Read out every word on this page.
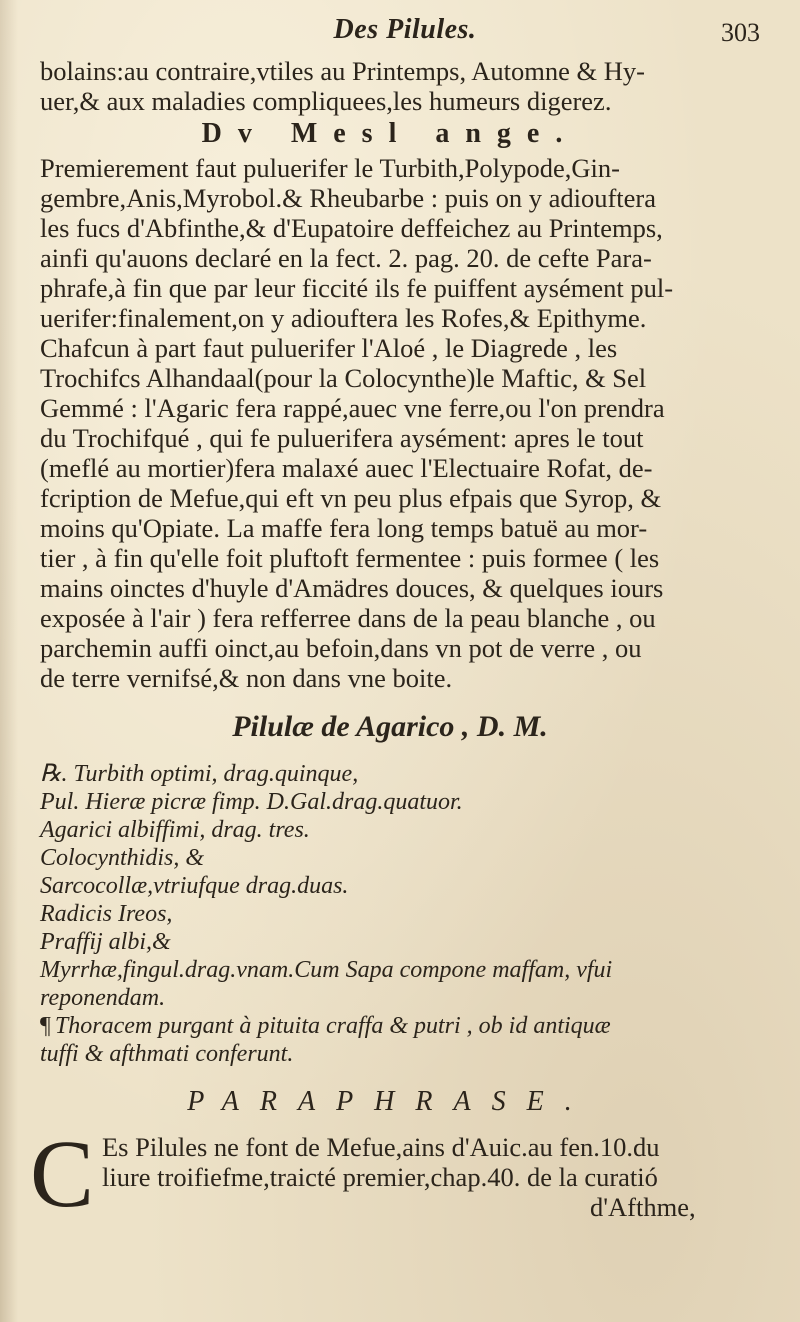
Des Pilules.	303
bolains:au contraire,vtiles au Printemps, Automne & Hy-
uer,& aux maladies compliquees,les humeurs digerez.
Dv Mesl ange.
Premierement faut puluerifer le Turbith,Polypode,Gin-
gembre,Anis,Myrobol.& Rheubarbe : puis on y adiouftera
les fucs d'Abfinthe,& d'Eupatoire deffeichez au Printemps,
ainfi qu'auons declaré en la fect. 2. pag. 20. de cefte Para-
phrafe,à fin que par leur ficcité ils fe puiffent aysément pul-
uerifer:finalement,on y adiouftera les Rofes,& Epithyme.
Chafcun à part faut puluerifer l'Aloé , le Diagrede , les
Trochifcs Alhandaal(pour la Colocynthe)le Maftic, & Sel
Gemmé : l'Agaric fera rappé,auec vne ferre,ou l'on prendra
du Trochifqué , qui fe puluerifera aysément: apres le tout
(meflé au mortier)fera malaxé auec l'Electuaire Rofat, de-
fcription de Mefue,qui eft vn peu plus efpais que Syrop, &
moins qu'Opiate. La maffe fera long temps batuë au mor-
tier , à fin qu'elle foit pluftoft fermentee : puis formee ( les
mains oinctes d'huyle d'Amädres douces, & quelques iours
exposée à l'air ) fera refferree dans de la peau blanche , ou
parchemin auffi oinct,au befoin,dans vn pot de verre , ou
de terre vernifsé,& non dans vne boite.
Pilulæ de Agarico , D. M.
℞. Turbith optimi, drag.quinque,
Pul. Hieræ picræ fimp. D.Gal.drag.quatuor.
Agarici albiffimi, drag. tres.
Colocynthidis, &
Sarcocollæ,vtriufque drag.duas.
Radicis Ireos,
Praffij albi,&
Myrrhæ,fingul.drag.vnam.Cum Sapa compone maffam, vfui
reponendam.
¶ Thoracem purgant à pituita craffa & putri , ob id antiquæ
tuffi & afthmati conferunt.
PARAPHRASE.
C Es Pilules ne font de Mefue,ains d'Auic.au fen.10.du
liure troifiefme,traicté premier,chap.40. de la curatió
d'Afthme,
